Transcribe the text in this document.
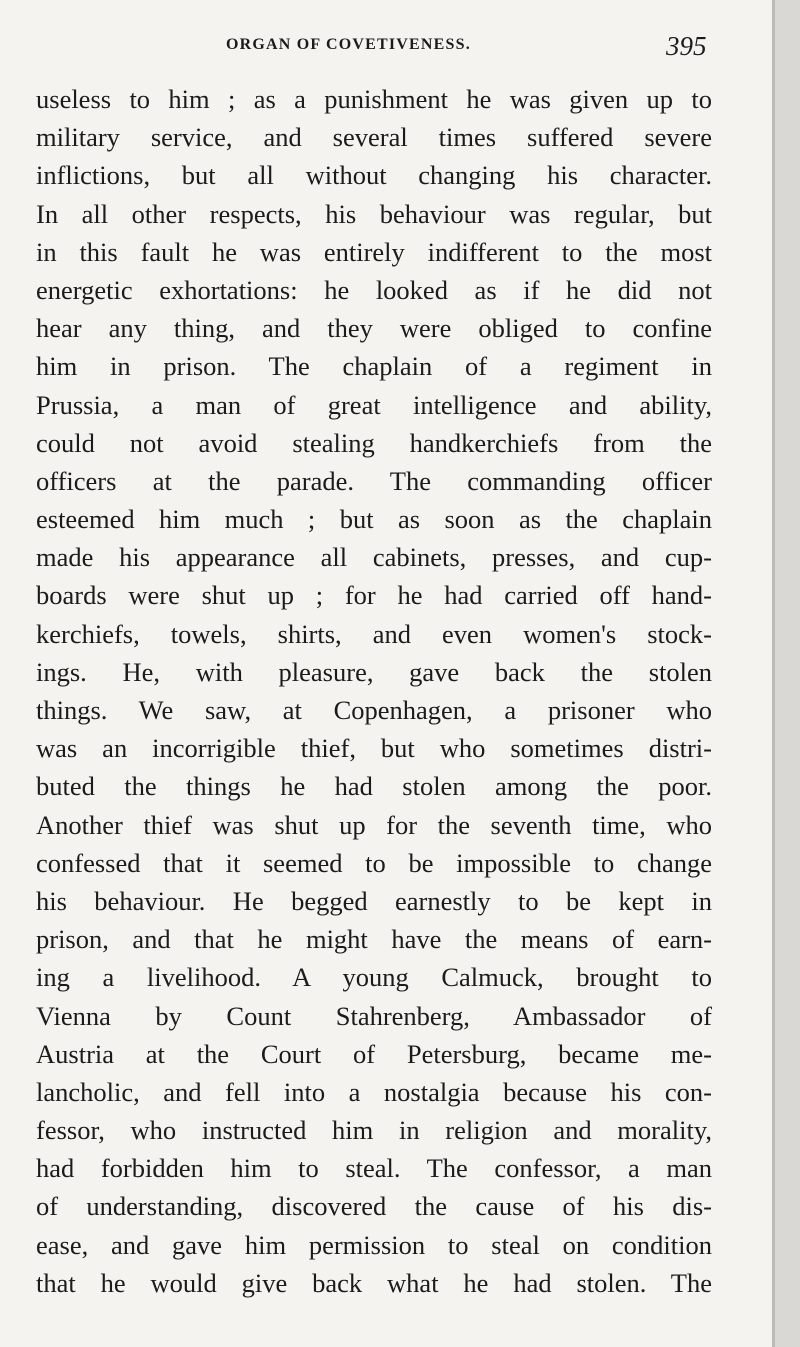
ORGAN OF COVETIVENESS.	395
useless to him ; as a punishment he was given up to
military service, and several times suffered severe
inflictions, but all without changing his character.
In all other respects, his behaviour was regular, but
in this fault he was entirely indifferent to the most
energetic exhortations: he looked as if he did not
hear any thing, and they were obliged to confine
him in prison. The chaplain of a regiment in
Prussia, a man of great intelligence and ability,
could not avoid stealing handkerchiefs from the
officers at the parade. The commanding officer
esteemed him much ; but as soon as the chaplain
made his appearance all cabinets, presses, and cup-
boards were shut up ; for he had carried off hand-
kerchiefs, towels, shirts, and even women's stock-
ings. He, with pleasure, gave back the stolen
things. We saw, at Copenhagen, a prisoner who
was an incorrigible thief, but who sometimes distri-
buted the things he had stolen among the poor.
Another thief was shut up for the seventh time, who
confessed that it seemed to be impossible to change
his behaviour. He begged earnestly to be kept in
prison, and that he might have the means of earn-
ing a livelihood. A young Calmuck, brought to
Vienna by Count Stahrenberg, Ambassador of
Austria at the Court of Petersburg, became me-
lancholic, and fell into a nostalgia because his con-
fessor, who instructed him in religion and morality,
had forbidden him to steal. The confessor, a man
of understanding, discovered the cause of his dis-
ease, and gave him permission to steal on condition
that he would give back what he had stolen. The
